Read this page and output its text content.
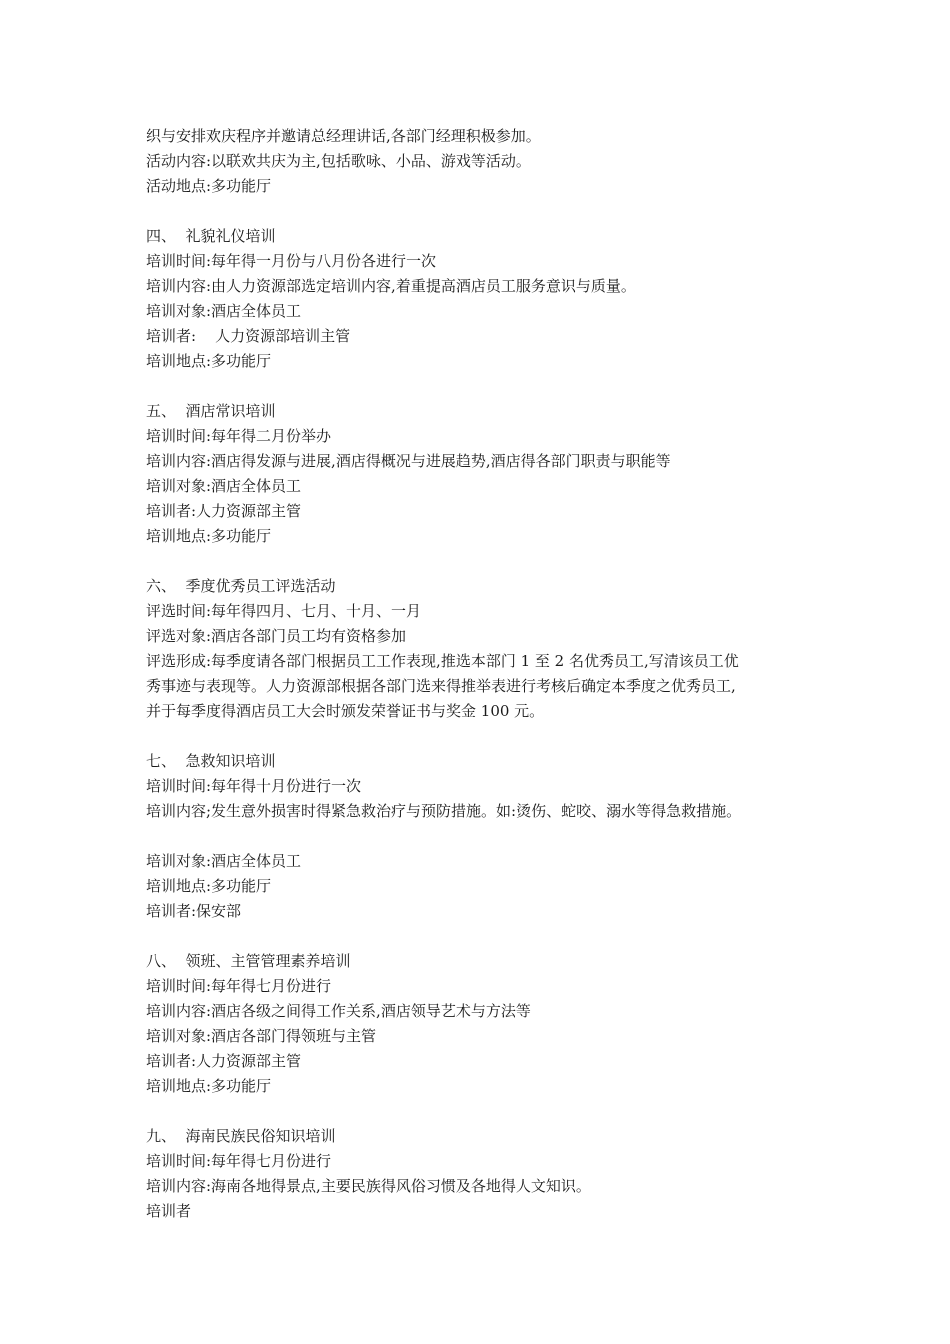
织与安排欢庆程序并邀请总经理讲话,各部门经理积极参加。
活动内容:以联欢共庆为主,包括歌咏、小品、游戏等活动。
活动地点:多功能厅
四、  礼貌礼仪培训
培训时间:每年得一月份与八月份各进行一次
培训内容:由人力资源部选定培训内容,着重提高酒店员工服务意识与质量。
培训对象:酒店全体员工
培训者:    人力资源部培训主管
培训地点:多功能厅
五、  酒店常识培训
培训时间:每年得二月份举办
培训内容:酒店得发源与进展,酒店得概况与进展趋势,酒店得各部门职责与职能等
培训对象:酒店全体员工
培训者:人力资源部主管
培训地点:多功能厅
六、  季度优秀员工评选活动
评选时间:每年得四月、七月、十月、一月
评选对象:酒店各部门员工均有资格参加
评选形成:每季度请各部门根据员工工作表现,推选本部门 1 至 2 名优秀员工,写清该员工优
秀事迹与表现等。人力资源部根据各部门选来得推举表进行考核后确定本季度之优秀员工,
并于每季度得酒店员工大会时颁发荣誉证书与奖金 100 元。
七、  急救知识培训
培训时间:每年得十月份进行一次
培训内容;发生意外损害时得紧急救治疗与预防措施。如:烫伤、蛇咬、溺水等得急救措施。
培训对象:酒店全体员工
培训地点:多功能厅
培训者:保安部
八、  领班、主管管理素养培训
培训时间:每年得七月份进行
培训内容:酒店各级之间得工作关系,酒店领导艺术与方法等
培训对象:酒店各部门得领班与主管
培训者:人力资源部主管
培训地点:多功能厅
九、  海南民族民俗知识培训
培训时间:每年得七月份进行
培训内容:海南各地得景点,主要民族得风俗习惯及各地得人文知识。
培训者
